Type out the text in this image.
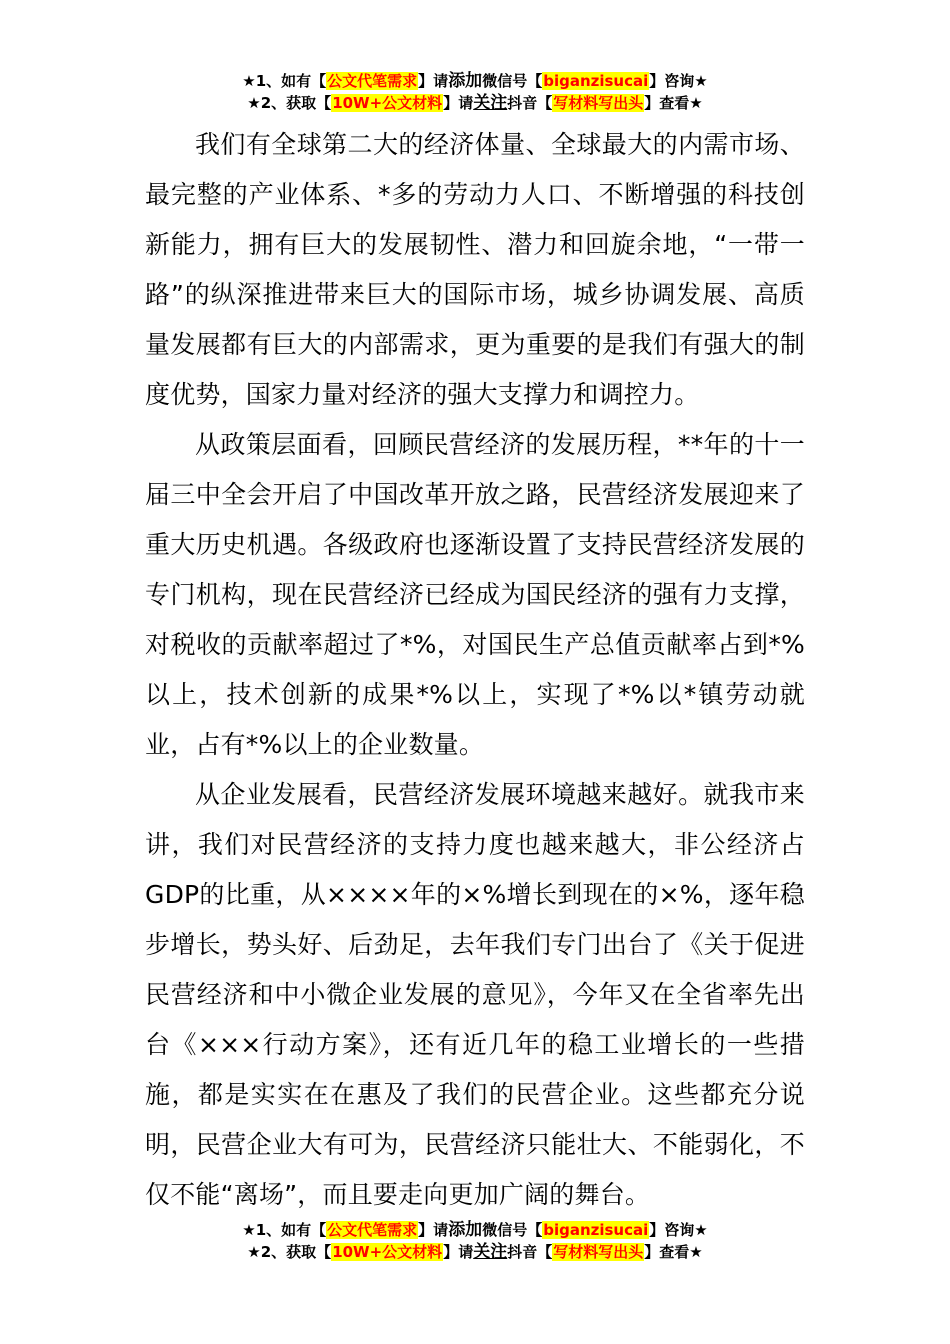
★1、如有【公文代笔需求】请添加微信号【biganzisucai】咨询★
★2、获取【10W+公文材料】请关注抖音【写材料写出头】查看★

我们有全球第二大的经济体量、全球最大的内需市场、最完整的产业体系、*多的劳动力人口、不断增强的科技创新能力，拥有巨大的发展韧性、潜力和回旋余地，“一带一路”的纵深推进带来巨大的国际市场，城乡协调发展、高质量发展都有巨大的内部需求，更为重要的是我们有强大的制度优势，国家力量对经济的强大支撑力和调控力。

从政策层面看，回顾民营经济的发展历程，**年的十一届三中全会开启了中国改革开放之路，民营经济发展迎来了重大历史机遇。各级政府也逐渐设置了支持民营经济发展的专门机构，现在民营经济已经成为国民经济的强有力支撑，对税收的贡献率超过了*%，对国民生产总值贡献率占到*%以上，技术创新的成果*%以上，实现了*%以*镇劳动就业，占有*%以上的企业数量。

从企业发展看，民营经济发展环境越来越好。就我市来讲，我们对民营经济的支持力度也越来越大，非公经济占GDP的比重，从××××年的×%增长到现在的×%，逐年稳步增长，势头好、后劲足，去年我们专门出台了《关于促进民营经济和中小微企业发展的意见》，今年又在全省率先出台《×××行动方案》，还有近几年的稳工业增长的一些措施，都是实实在在惠及了我们的民营企业。这些都充分说明，民营企业大有可为，民营经济只能壮大、不能弱化，不仅不能“离场”，而且要走向更加广阔的舞台。

★1、如有【公文代笔需求】请添加微信号【biganzisucai】咨询★
★2、获取【10W+公文材料】请关注抖音【写材料写出头】查看★
